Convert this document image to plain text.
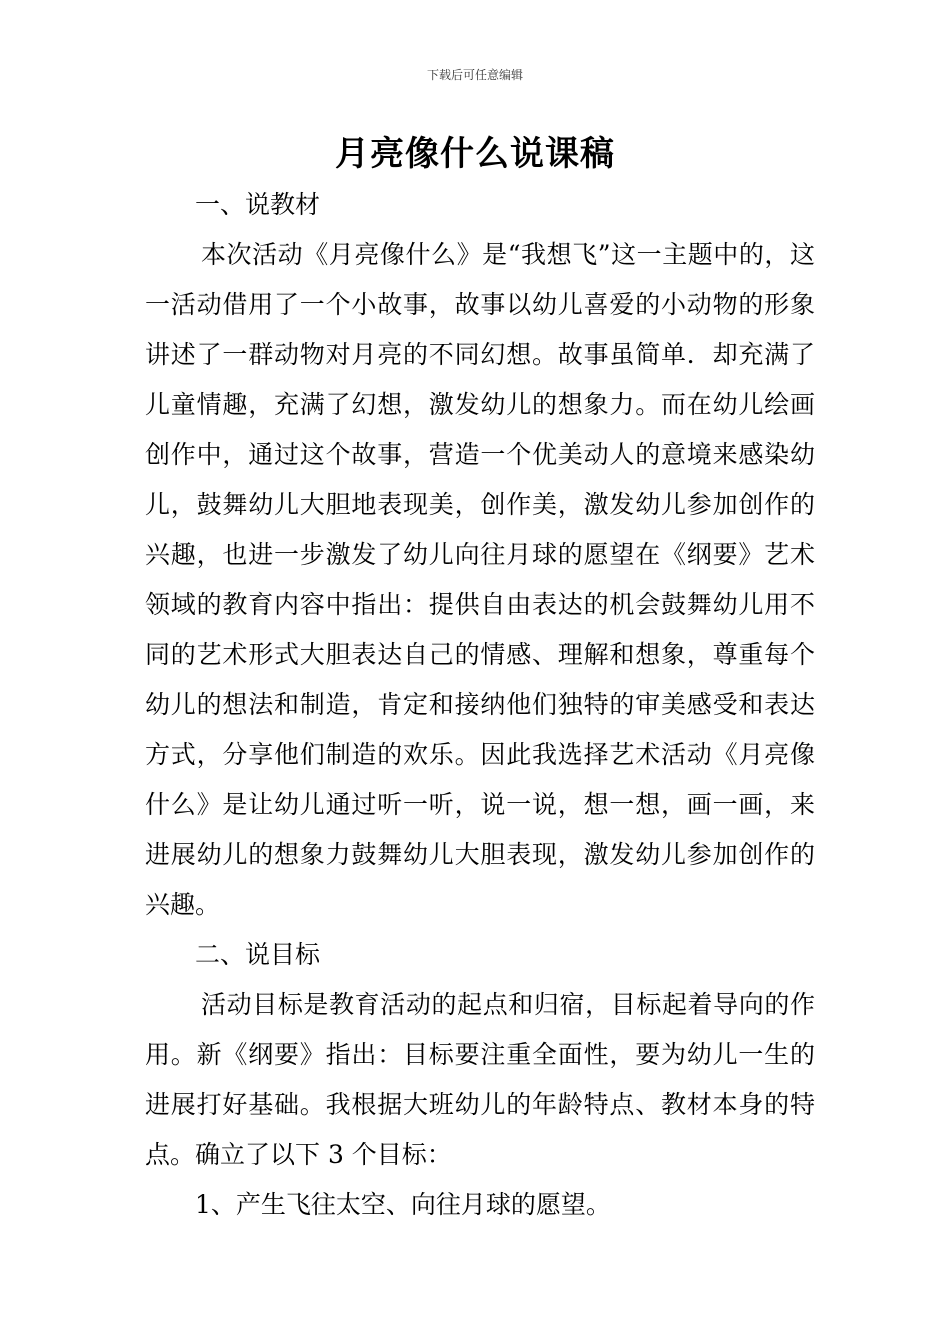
下载后可任意编辑
月亮像什么说课稿

一、说教材

本次活动《月亮像什么》是“我想飞”这一主题中的，这一活动借用了一个小故事，故事以幼儿喜爱的小动物的形象讲述了一群动物对月亮的不同幻想。故事虽简单．却充满了儿童情趣，充满了幻想，激发幼儿的想象力。而在幼儿绘画创作中，通过这个故事，营造一个优美动人的意境来感染幼儿，鼓舞幼儿大胆地表现美，创作美，激发幼儿参加创作的兴趣，也进一步激发了幼儿向往月球的愿望在《纲要》艺术领域的教育内容中指出：提供自由表达的机会鼓舞幼儿用不同的艺术形式大胆表达自己的情感、理解和想象，尊重每个幼儿的想法和制造，肯定和接纳他们独特的审美感受和表达方式，分享他们制造的欢乐。因此我选择艺术活动《月亮像什么》是让幼儿通过听一听，说一说，想一想，画一画，来进展幼儿的想象力鼓舞幼儿大胆表现，激发幼儿参加创作的兴趣。

二、说目标

活动目标是教育活动的起点和归宿，目标起着导向的作用。新《纲要》指出：目标要注重全面性，要为幼儿一生的进展打好基础。我根据大班幼儿的年龄特点、教材本身的特点。确立了以下 3 个目标：

1、产生飞往太空、向往月球的愿望。
